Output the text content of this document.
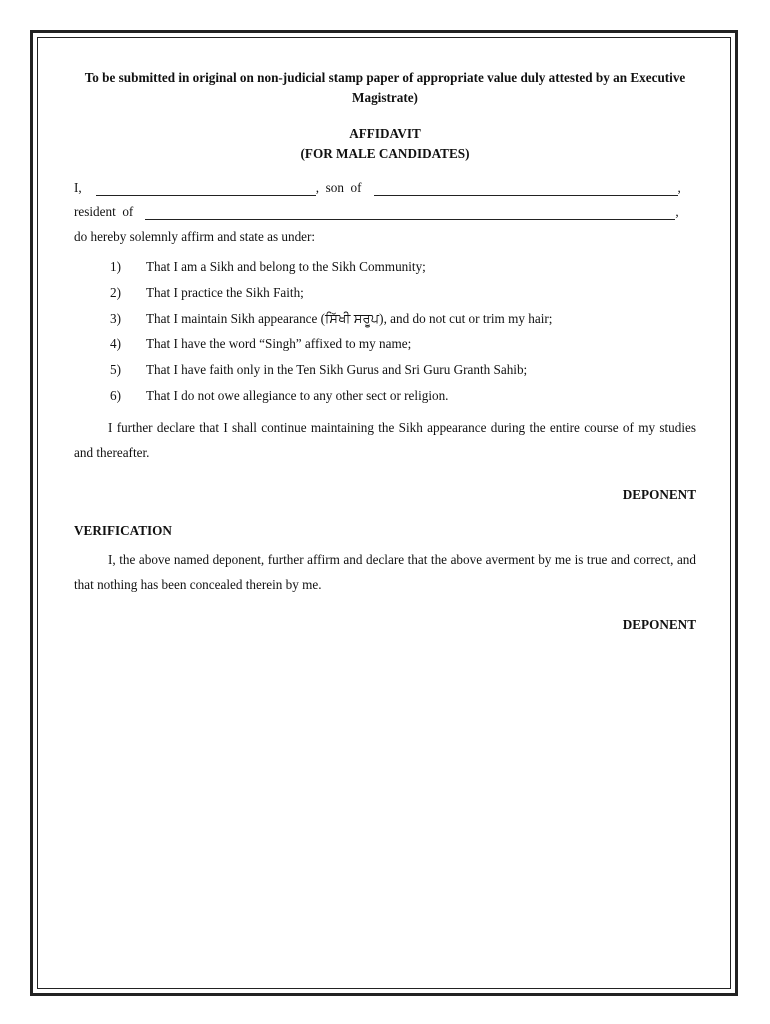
To be submitted in original on non-judicial stamp paper of appropriate value duly attested by an Executive Magistrate)
AFFIDAVIT
(FOR MALE CANDIDATES)
I,	,  son  of	,
resident  of	,
do hereby solemnly affirm and state as under:
1)	That I am a Sikh and belong to the Sikh Community;
2)	That I practice the Sikh Faith;
3)	That I maintain Sikh appearance (ਸਿੱਖੀ ਸਰੂਪ), and do not cut or trim my hair;
4)	That I have the word “Singh” affixed to my name;
5)	That I have faith only in the Ten Sikh Gurus and Sri Guru Granth Sahib;
6)	That I do not owe allegiance to any other sect or religion.
I further declare that I shall continue maintaining the Sikh appearance during the entire course of my studies and thereafter.
DEPONENT
VERIFICATION
I, the above named deponent, further affirm and declare that the above averment by me is true and correct, and that nothing has been concealed therein by me.
DEPONENT
